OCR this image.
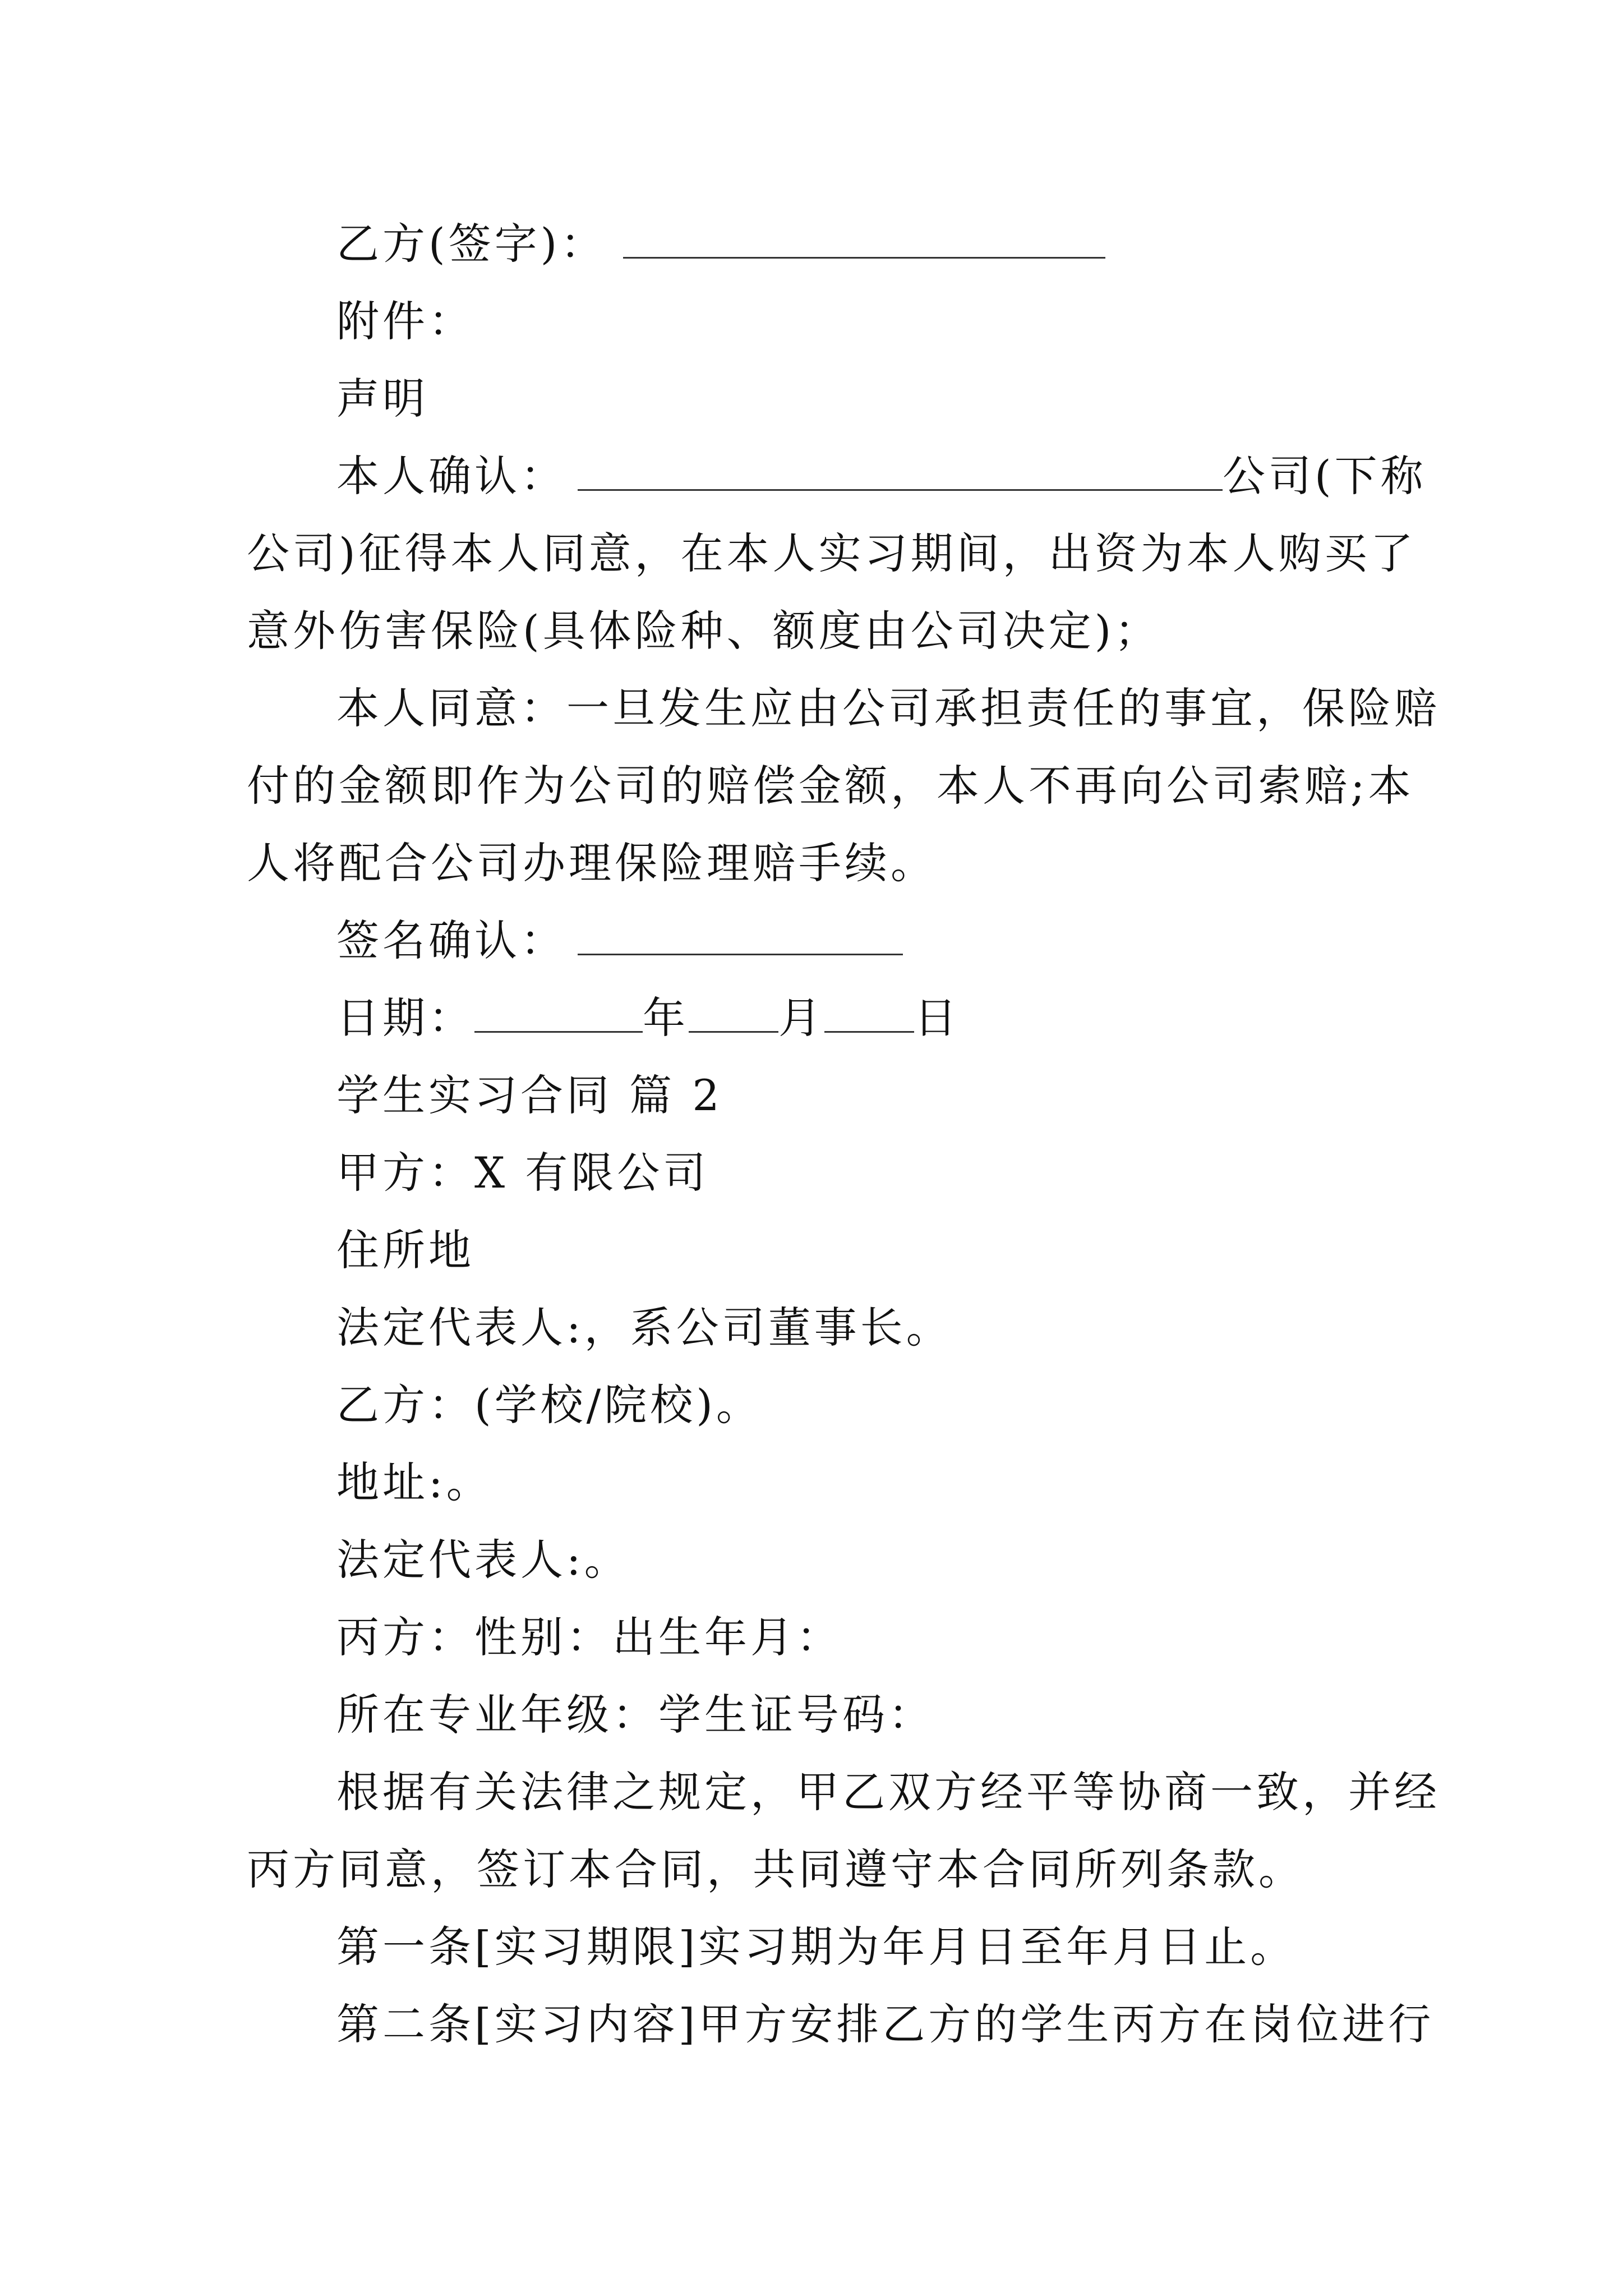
乙方(签字)：
附件：
声明
本人确认：	公司(下称
公司)征得本人同意，在本人实习期间，出资为本人购买了
意外伤害保险(具体险种、额度由公司决定)；
本人同意：一旦发生应由公司承担责任的事宜，保险赔
付的金额即作为公司的赔偿金额，本人不再向公司索赔;本
人将配合公司办理保险理赔手续。
签名确认：
日期：	年 月 日
学生实习合同 篇 2
甲方：X 有限公司
住所地
法定代表人:，系公司董事长。
乙方：(学校/院校)。
地址:。
法定代表人:。
丙方：性别：出生年月：
所在专业年级：学生证号码：
根据有关法律之规定，甲乙双方经平等协商一致，并经
丙方同意，签订本合同，共同遵守本合同所列条款。
第一条[实习期限]实习期为年月日至年月日止。
第二条[实习内容]甲方安排乙方的学生丙方在岗位进行
